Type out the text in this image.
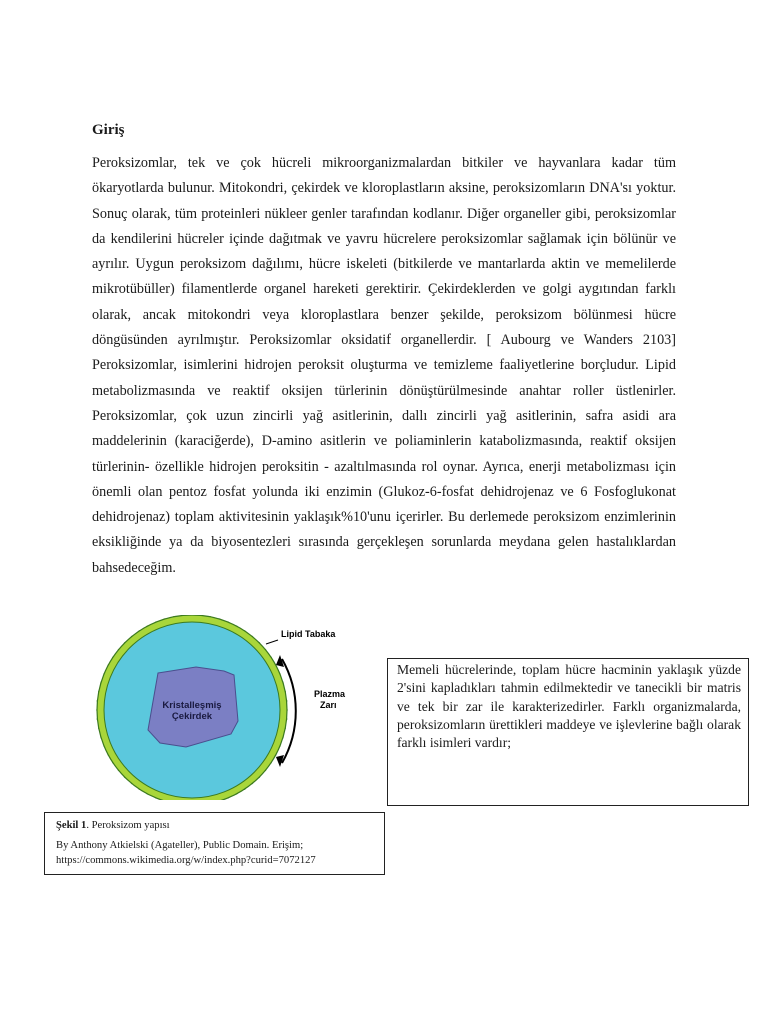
Giriş

Peroksizomlar, tek ve çok hücreli mikroorganizmalardan bitkiler ve hayvanlara kadar tüm ökaryotlarda bulunur. Mitokondri, çekirdek ve kloroplastların aksine, peroksizomların DNA'sı yoktur. Sonuç olarak, tüm proteinleri nükleer genler tarafından kodlanır. Diğer organeller gibi, peroksizomlar da kendilerini hücreler içinde dağıtmak ve yavru hücrelere peroksizomlar sağlamak için bölünür ve ayrılır. Uygun peroksizom dağılımı, hücre iskeleti (bitkilerde ve mantarlarda aktin ve memelilerde mikrotübüller) filamentlerde organel hareketi gerektirir. Çekirdeklerden ve golgi aygıtından farklı olarak, ancak mitokondri veya kloroplastlara benzer şekilde, peroksizom bölünmesi hücre döngüsünden ayrılmıştır. Peroksizomlar oksidatif organellerdir. [ Aubourg ve Wanders 2103] Peroksizomlar, isimlerini hidrojen peroksit oluşturma ve temizleme faaliyetlerine borçludur. Lipid metabolizmasında ve reaktif oksijen türlerinin dönüştürülmesinde anahtar roller üstlenirler. Peroksizomlar, çok uzun zincirli yağ asitlerinin, dallı zincirli yağ asitlerinin, safra asidi ara maddelerinin (karaciğerde), D-amino asitlerin ve poliaminlerin katabolizmasında, reaktif oksijen türlerinin- özellikle hidrojen peroksitin - azaltılmasında rol oynar. Ayrıca, enerji metabolizması için önemli olan pentoz fosfat yolunda iki enzimin (Glukoz-6-fosfat dehidrojenaz ve 6 Fosfoglukonat dehidrojenaz) toplam aktivitesinin yaklaşık%10'unu içerirler. Bu derlemede peroksizom enzimlerinin eksikliğinde ya da biyosentezleri sırasında gerçekleşen sorunlarda meydana gelen hastalıklardan bahsedeceğim.

Kristalleşmiş
Çekirdek
Lipid Tabaka
Plazma
Zarı

Memeli hücrelerinde, toplam hücre hacminin yaklaşık yüzde 2'sini kapladıkları tahmin edilmektedir ve tanecikli bir matris ve tek bir zar ile karakterizedirler. Farklı organizmalarda, peroksizomların ürettikleri maddeye ve işlevlerine bağlı olarak farklı isimleri vardır;

Şekil 1. Peroksizom yapısı

By Anthony Atkielski (Agateller), Public Domain. Erişim;

https://commons.wikimedia.org/w/index.php?curid=7072127
